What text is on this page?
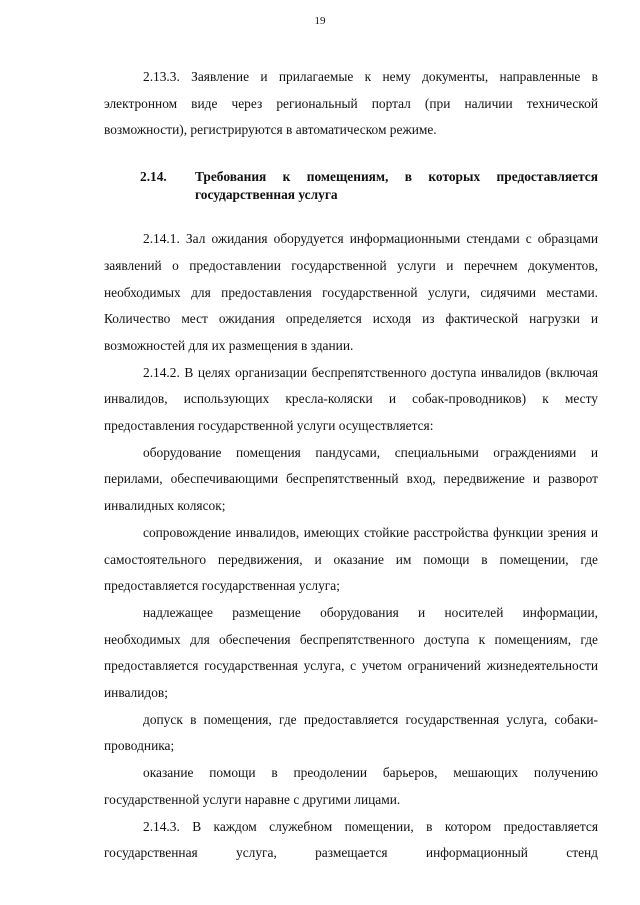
19

2.13.3. Заявление и прилагаемые к нему документы, направленные в электронном виде через региональный портал (при наличии технической возможности), регистрируются в автоматическом режиме.

2.14.	Требования к помещениям, в которых предоставляется государственная услуга

2.14.1. Зал ожидания оборудуется информационными стендами с образцами заявлений о предоставлении государственной услуги и перечнем документов, необходимых для предоставления государственной услуги, сидячими местами. Количество мест ожидания определяется исходя из фактической нагрузки и возможностей для их размещения в здании.

2.14.2. В целях организации беспрепятственного доступа инвалидов (включая инвалидов, использующих кресла-коляски и собак-проводников) к месту предоставления государственной услуги осуществляется:

оборудование помещения пандусами, специальными ограждениями и перилами, обеспечивающими беспрепятственный вход, передвижение и разворот инвалидных колясок;

сопровождение инвалидов, имеющих стойкие расстройства функции зрения и самостоятельного передвижения, и оказание им помощи в помещении, где предоставляется государственная услуга;

надлежащее размещение оборудования и носителей информации, необходимых для обеспечения беспрепятственного доступа к помещениям, где предоставляется государственная услуга, с учетом ограничений жизнедеятельности инвалидов;

допуск в помещения, где предоставляется государственная услуга, собаки-проводника;

оказание помощи в преодолении барьеров, мешающих получению государственной услуги наравне с другими лицами.

2.14.3. В каждом служебном помещении, в котором предоставляется государственная услуга, размещается информационный стенд
